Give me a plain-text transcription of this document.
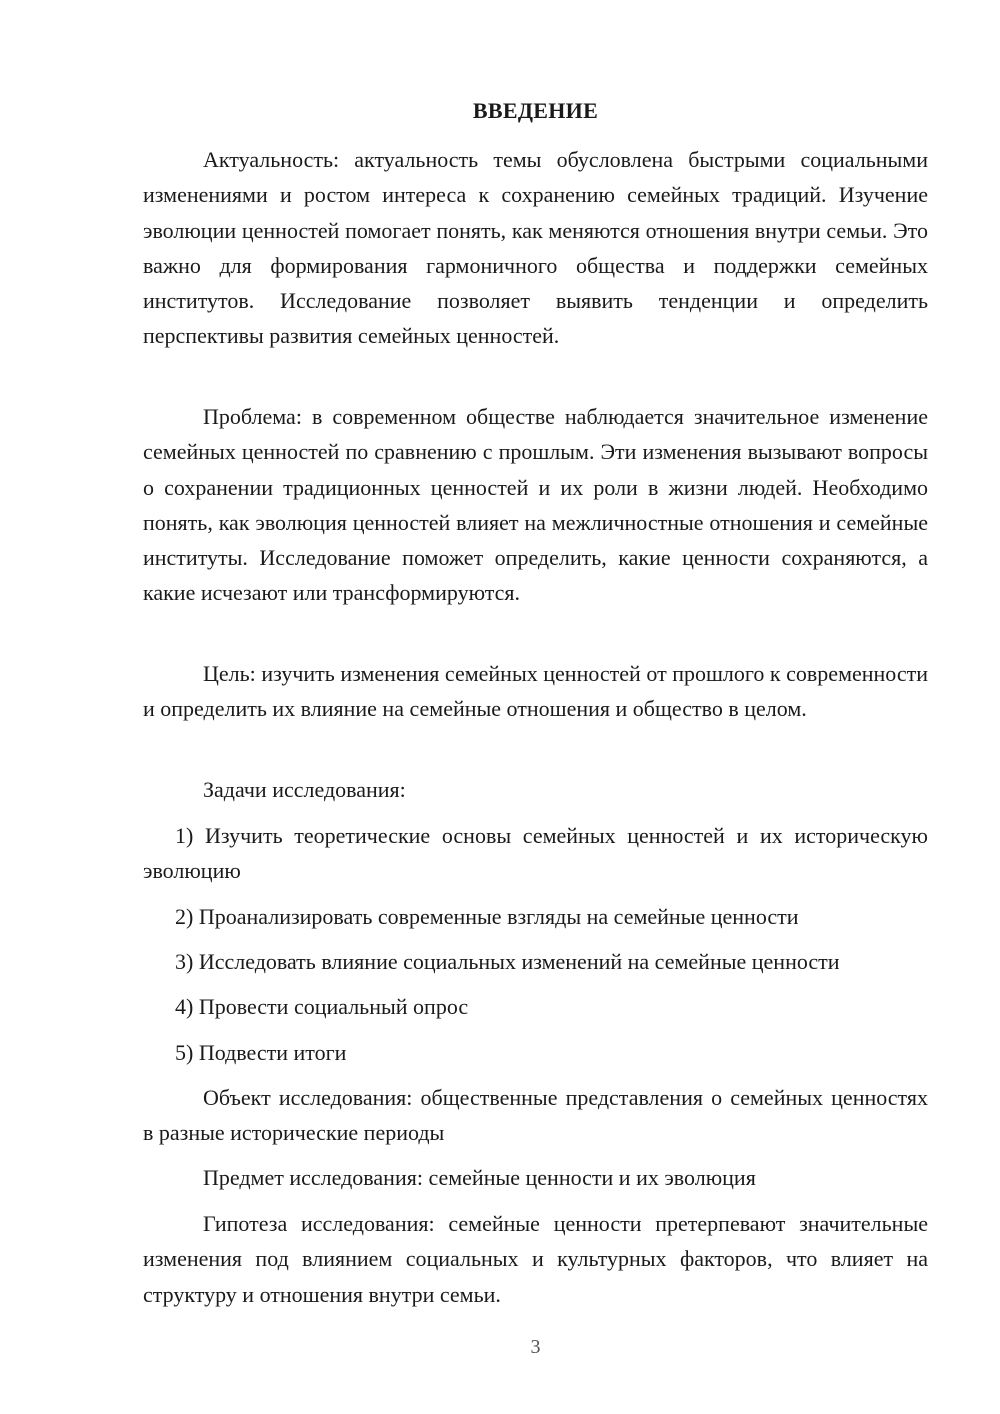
ВВЕДЕНИЕ

Актуальность: актуальность темы обусловлена быстрыми социальными изменениями и ростом интереса к сохранению семейных традиций. Изучение эволюции ценностей помогает понять, как меняются отношения внутри семьи. Это важно для формирования гармоничного общества и поддержки семейных институтов. Исследование позволяет выявить тенденции и определить перспективы развития семейных ценностей.

Проблема: в современном обществе наблюдается значительное изменение семейных ценностей по сравнению с прошлым. Эти изменения вызывают вопросы о сохранении традиционных ценностей и их роли в жизни людей. Необходимо понять, как эволюция ценностей влияет на межличностные отношения и семейные институты. Исследование поможет определить, какие ценности сохраняются, а какие исчезают или трансформируются.

Цель: изучить изменения семейных ценностей от прошлого к современности и определить их влияние на семейные отношения и общество в целом.

Задачи исследования:

1) Изучить теоретические основы семейных ценностей и их историческую эволюцию

2) Проанализировать современные взгляды на семейные ценности

3) Исследовать влияние социальных изменений на семейные ценности

4) Провести социальный опрос

5) Подвести итоги

Объект исследования: общественные представления о семейных ценностях в разные исторические периоды

Предмет исследования: семейные ценности и их эволюция

Гипотеза исследования: семейные ценности претерпевают значительные изменения под влиянием социальных и культурных факторов, что влияет на структуру и отношения внутри семьи.

3
